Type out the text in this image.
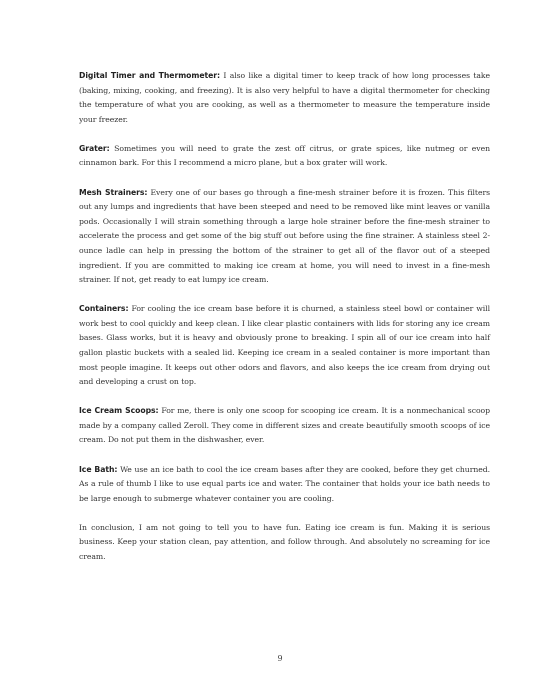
Digital Timer and Thermometer: I also like a digital timer to keep track of how long processes take (baking, mixing, cooking, and freezing). It is also very helpful to have a digital thermometer for checking the temperature of what you are cooking, as well as a thermometer to measure the temperature inside your freezer.

Grater: Sometimes you will need to grate the zest off citrus, or grate spices, like nutmeg or even cinnamon bark. For this I recommend a micro plane, but a box grater will work.

Mesh Strainers: Every one of our bases go through a fine-mesh strainer before it is frozen. This filters out any lumps and ingredients that have been steeped and need to be removed like mint leaves or vanilla pods. Occasionally I will strain something through a large hole strainer before the fine-mesh strainer to accelerate the process and get some of the big stuff out before using the fine strainer. A stainless steel 2-ounce ladle can help in pressing the bottom of the strainer to get all of the flavor out of a steeped ingredient. If you are committed to making ice cream at home, you will need to invest in a fine-mesh strainer. If not, get ready to eat lumpy ice cream.

Containers: For cooling the ice cream base before it is churned, a stainless steel bowl or container will work best to cool quickly and keep clean. I like clear plastic containers with lids for storing any ice cream bases. Glass works, but it is heavy and obviously prone to breaking. I spin all of our ice cream into half gallon plastic buckets with a sealed lid. Keeping ice cream in a sealed container is more important than most people imagine. It keeps out other odors and flavors, and also keeps the ice cream from drying out and developing a crust on top.

Ice Cream Scoops: For me, there is only one scoop for scooping ice cream. It is a nonmechanical scoop made by a company called Zeroll. They come in different sizes and create beautifully smooth scoops of ice cream. Do not put them in the dishwasher, ever.

Ice Bath: We use an ice bath to cool the ice cream bases after they are cooked, before they get churned. As a rule of thumb I like to use equal parts ice and water. The container that holds your ice bath needs to be large enough to submerge whatever container you are cooling.

In conclusion, I am not going to tell you to have fun. Eating ice cream is fun. Making it is serious business. Keep your station clean, pay attention, and follow through. And absolutely no screaming for ice cream.

9
